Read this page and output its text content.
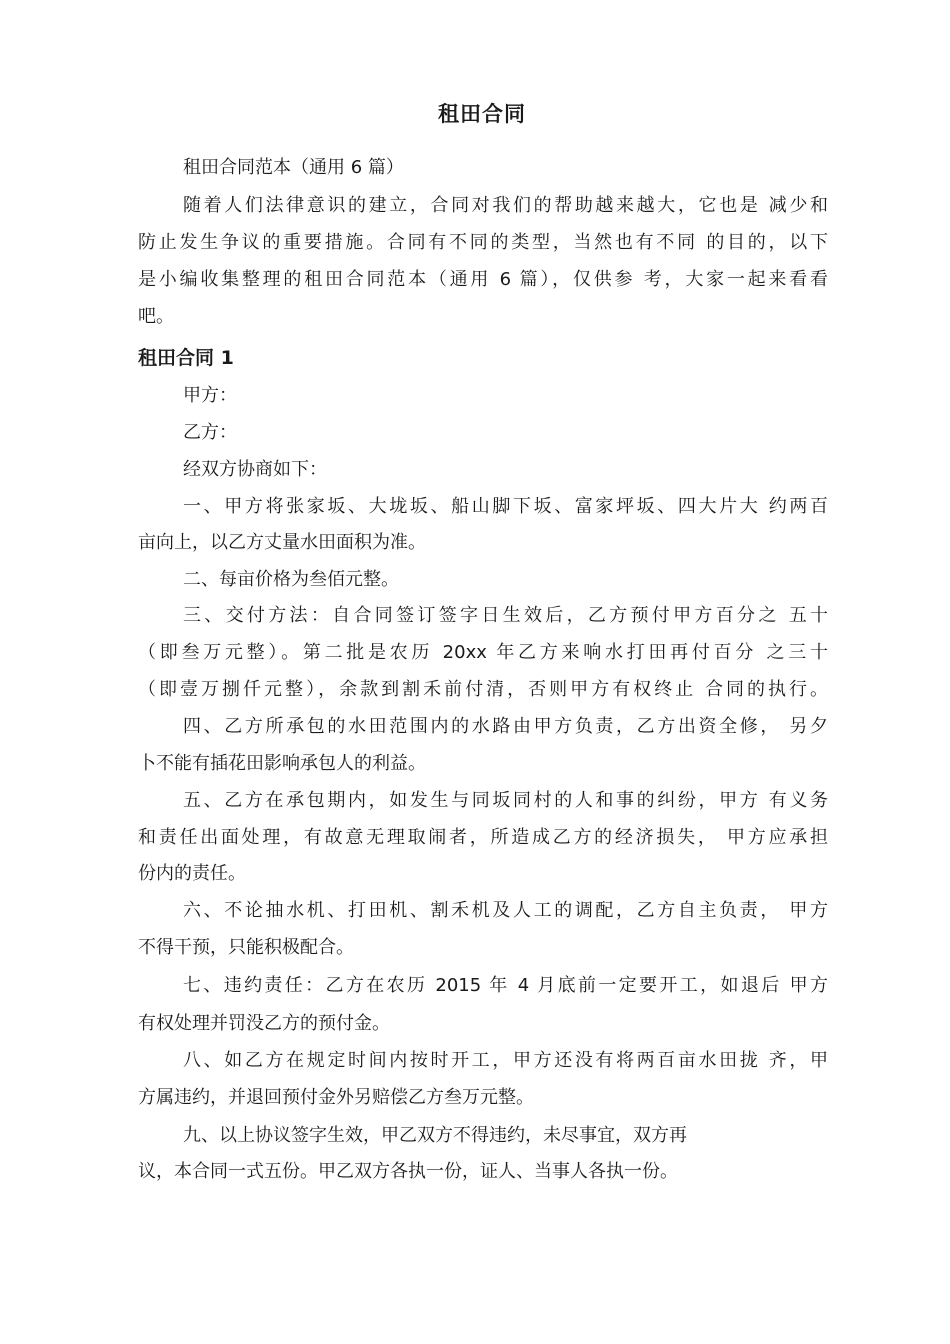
租田合同
租田合同范本（通用 6 篇）
随着人们法律意识的建立，合同对我们的帮助越来越大，它也是 减少和
防止发生争议的重要措施。合同有不同的类型，当然也有不同 的目的，以下
是小编收集整理的租田合同范本（通用 6 篇），仅供参 考，大家一起来看看
吧。
租田合同 1
甲方：
乙方：
经双方协商如下：
一、甲方将张家坂、大垅坂、船山脚下坂、富家坪坂、四大片大 约两百
亩向上，以乙方丈量水田面积为准。
二、每亩价格为叁佰元整。
三、交付方法：自合同签订签字日生效后，乙方预付甲方百分之 五十
（即叁万元整）。第二批是农历 20xx 年乙方来响水打田再付百分 之三十
（即壹万捌仟元整），余款到割禾前付清，否则甲方有权终止 合同的执行。
四、乙方所承包的水田范围内的水路由甲方负责，乙方出资全修， 另夕
卜不能有插花田影响承包人的利益。
五、乙方在承包期内，如发生与同坂同村的人和事的纠纷，甲方 有义务
和责任出面处理，有故意无理取闹者，所造成乙方的经济损失， 甲方应承担
份内的责任。
六、不论抽水机、打田机、割禾机及人工的调配，乙方自主负责， 甲方
不得干预，只能积极配合。
七、违约责任：乙方在农历 2015 年 4 月底前一定要开工，如退后 甲方
有权处理并罚没乙方的预付金。
八、如乙方在规定时间内按时开工，甲方还没有将两百亩水田拢 齐，甲
方属违约，并退回预付金外另赔偿乙方叁万元整。
九、以上协议签字生效，甲乙双方不得违约，未尽事宜，双方再
议，本合同一式五份。甲乙双方各执一份，证人、当事人各执一份。
